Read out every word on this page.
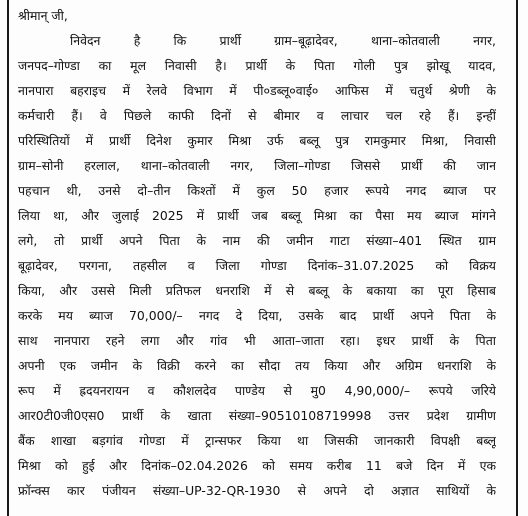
श्रीमान् जी,
निवेदन है कि प्रार्थी ग्राम–बूढ़ादेवर, थाना–कोतवाली नगर,
जनपद–गोण्डा का मूल निवासी है। प्रार्थी के पिता गोली पुत्र झोखू यादव,
नानपारा बहराइच में रेलवे विभाग में पी०डब्लू०वाई० आफिस में चतुर्थ श्रेणी के
कर्मचारी हैं। वे पिछले काफी दिनों से बीमार व लाचार चल रहे हैं। इन्हीं
परिस्थितियों में प्रार्थी दिनेश कुमार मिश्रा उर्फ बब्लू पुत्र रामकुमार मिश्रा, निवासी
ग्राम–सोनी हरलाल, थाना–कोतवाली नगर, जिला–गोण्डा जिससे प्रार्थी की जान
पहचान थी, उनसे दो–तीन किश्तों में कुल 50 हजार रूपये नगद ब्याज पर
लिया था, और जुलाई 2025 में प्रार्थी जब बब्लू मिश्रा का पैसा मय ब्याज मांगने
लगे, तो प्रार्थी अपने पिता के नाम की जमीन गाटा संख्या–401 स्थित ग्राम
बूढ़ादेवर, परगना, तहसील व जिला गोण्डा दिनांक–31.07.2025 को विक्रय
किया, और उससे मिली प्रतिफल धनराशि में से बब्लू के बकाया का पूरा हिसाब
करके मय ब्याज 70,000/– नगद दे दिया, उसके बाद प्रार्थी अपने पिता के
साथ नानपारा रहने लगा और गांव भी आता–जाता रहा। इधर प्रार्थी के पिता
अपनी एक जमीन के विक्री करने का सौदा तय किया और अग्रिम धनराशि के
रूप में ह्रदयनरायन व कौशलदेव पाण्डेय से मु0 4,90,000/– रूपये जरिये
आर0टी0जी0एस0 प्रार्थी के खाता संख्या–90510108719998 उत्तर प्रदेश ग्रामीण
बैंक शाखा बड़गांव गोण्डा में ट्रान्सफर किया था जिसकी जानकारी विपक्षी बब्लू
मिश्रा को हुई और दिनांक–02.04.2026 को समय करीब 11 बजे दिन में एक
फ्रॉन्क्स कार पंजीयन संख्या–UP-32-QR-1930 से अपने दो अज्ञात साथियों के
